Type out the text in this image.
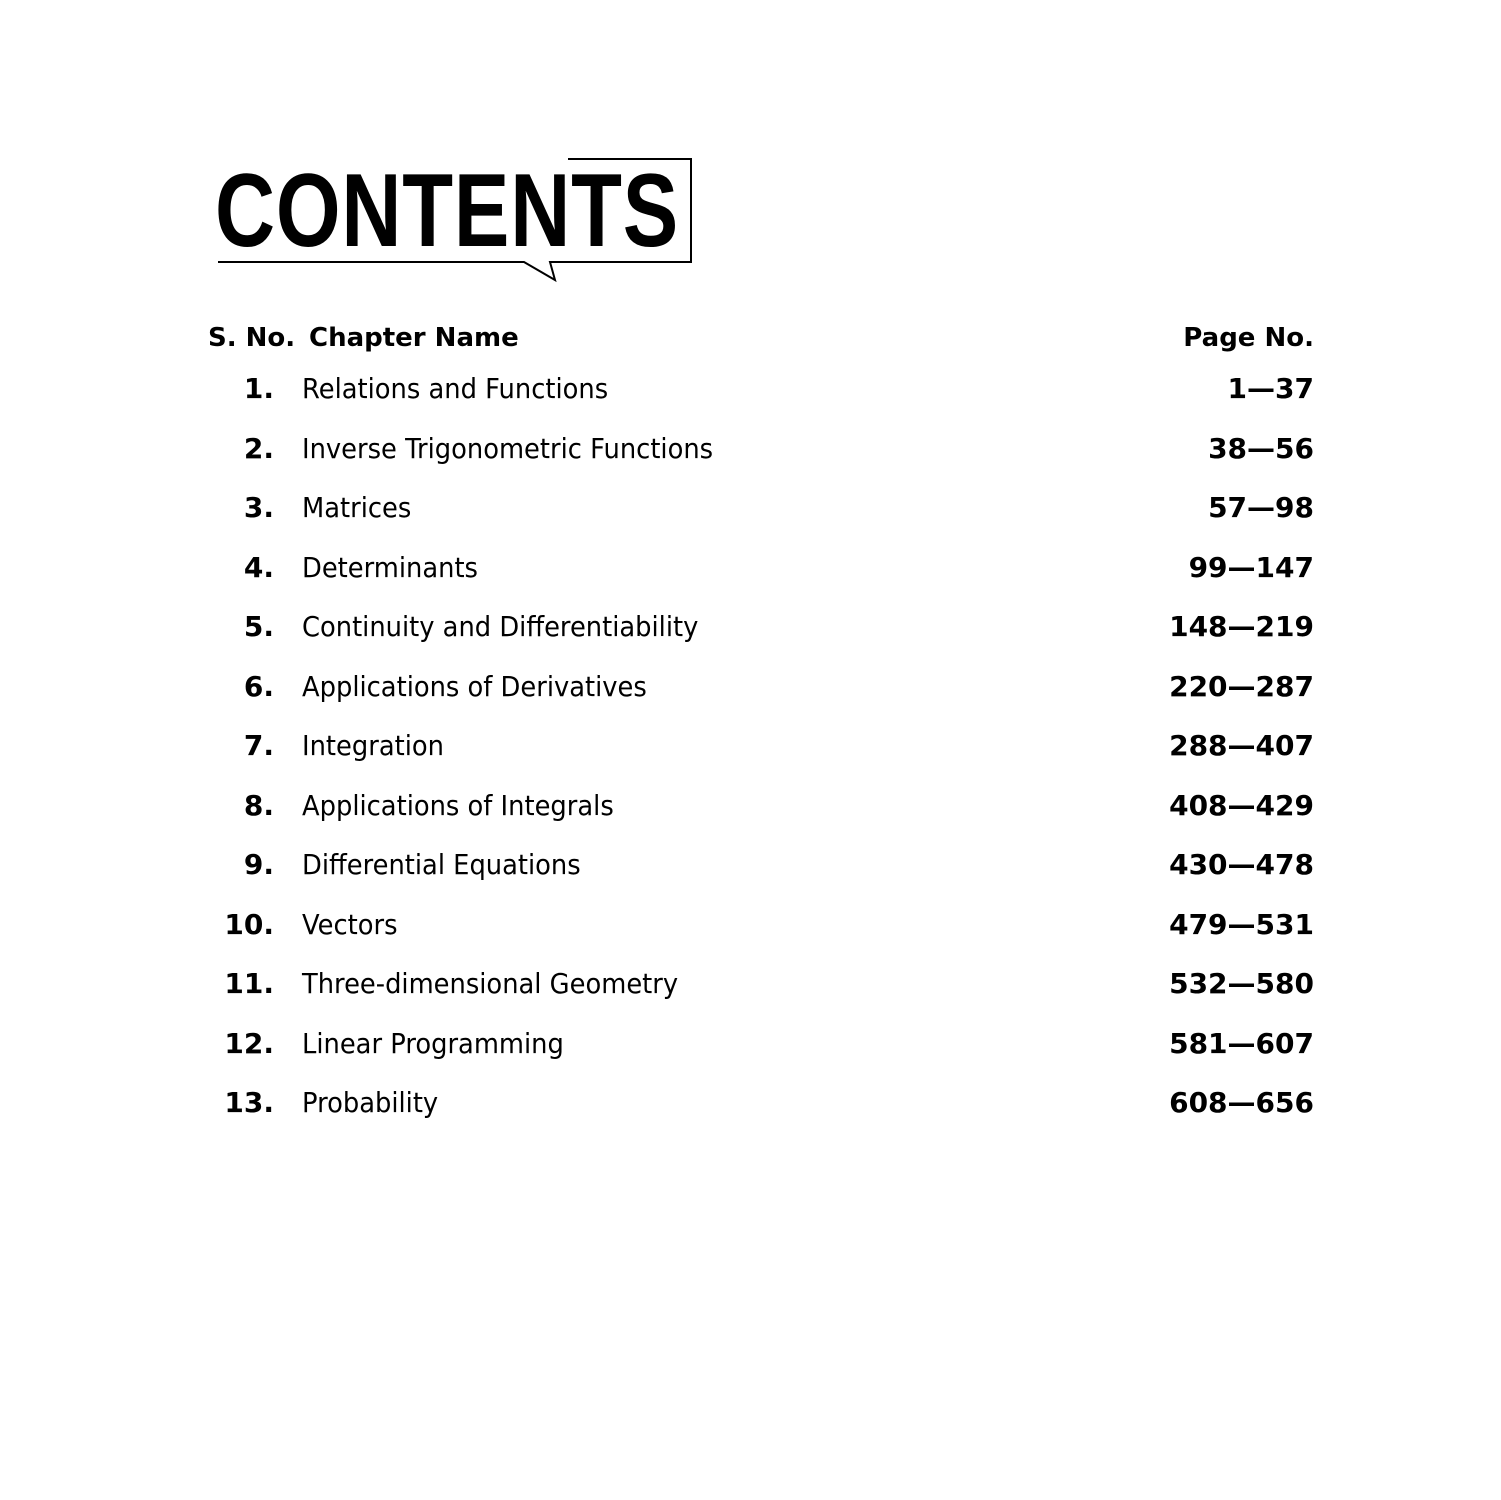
CONTENTS
S. No. Chapter Name	Page No.
1. Relations and Functions	1—37
2. Inverse Trigonometric Functions	38—56
3. Matrices	57—98
4. Determinants	99—147
5. Continuity and Differentiability	148—219
6. Applications of Derivatives	220—287
7. Integration	288—407
8. Applications of Integrals	408—429
9. Differential Equations	430—478
10. Vectors	479—531
11. Three-dimensional Geometry	532—580
12. Linear Programming	581—607
13. Probability	608—656
